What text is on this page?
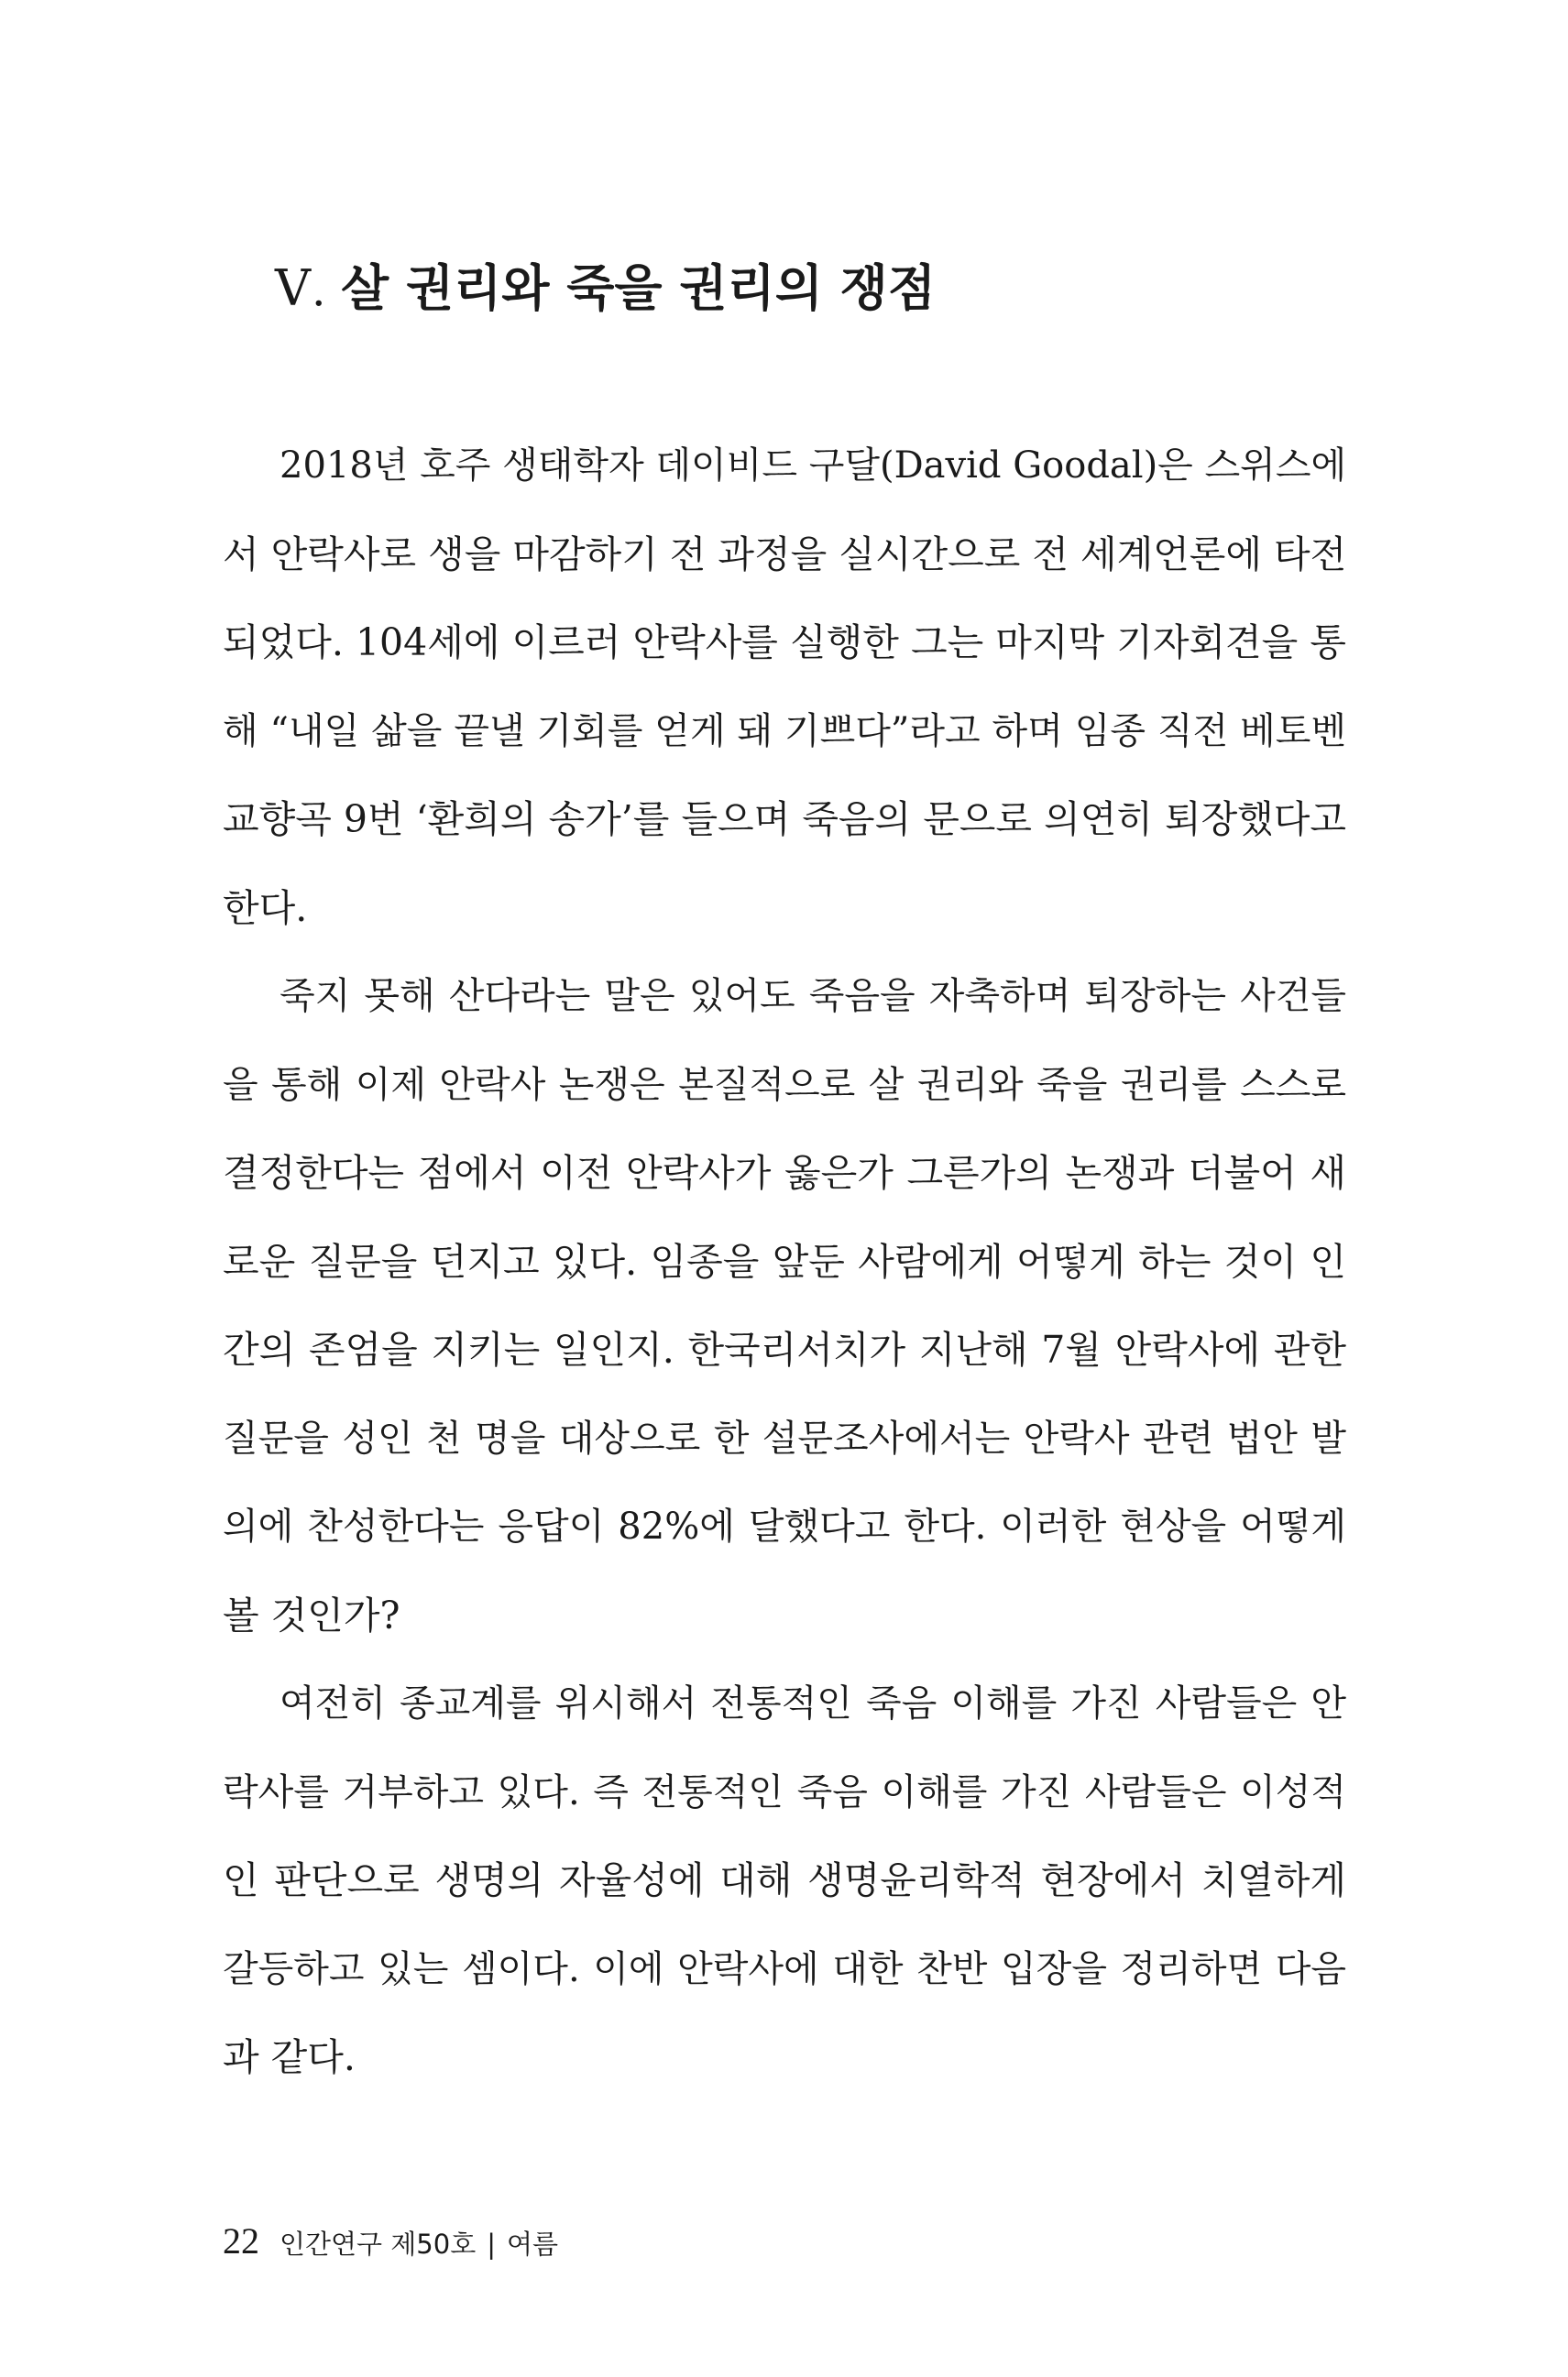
Ⅴ. 살 권리와 죽을 권리의 쟁점
2018년 호주 생태학자 데이비드 구달(David Goodal)은 스위스에
서 안락사로 생을 마감하기 전 과정을 실시간으로 전 세계언론에 타전
되었다. 104세에 이르러 안락사를 실행한 그는 마지막 기자회견을 통
해 “내일 삶을 끝낼 기회를 얻게 돼 기쁘다”라고 하며 임종 직전 베토벤
교향곡 9번 ‘환희의 송가’를 들으며 죽음의 문으로 의연히 퇴장했다고
한다.
죽지 못해 산다라는 말은 있어도 죽음을 자축하며 퇴장하는 사건들
을 통해 이제 안락사 논쟁은 본질적으로 살 권리와 죽을 권리를 스스로
결정한다는 점에서 이전 안락사가 옳은가 그른가의 논쟁과 더불어 새
로운 질문을 던지고 있다. 임종을 앞둔 사람에게 어떻게 하는 것이 인
간의 존엄을 지키는 일인지. 한국리서치가 지난해 7월 안락사에 관한
질문을 성인 천 명을 대상으로 한 설문조사에서는 안락사 관련 법안 발
의에 찬성한다는 응답이 82%에 달했다고 한다. 이러한 현상을 어떻게
볼 것인가?
여전히 종교계를 위시해서 전통적인 죽음 이해를 가진 사람들은 안
락사를 거부하고 있다. 즉 전통적인 죽음 이해를 가진 사람들은 이성적
인 판단으로 생명의 자율성에 대해 생명윤리학적 현장에서 치열하게
갈등하고 있는 셈이다. 이에 안락사에 대한 찬반 입장을 정리하면 다음
과 같다.
22 인간연구 제50호 | 여름
